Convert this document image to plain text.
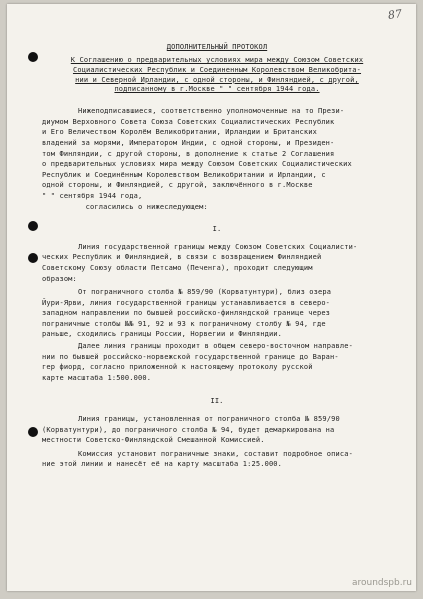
87

ДОПОЛНИТЕЛЬНЫЙ ПРОТОКОЛ

К Соглашению о предварительных условиях мира между Союзом Советских
Социалистических Республик и Соединенным Королевством Великобрита-
нии и Северной Ирландии, с одной стороны, и Финляндией, с другой,
подписанному в г.Москве " " сентября 1944 года.

Нижеподписавшиеся, соответственно уполномоченные на то Прези-
диумом Верховного Совета Союза Советских Социалистических Республик
и Его Величеством Королём Великобритании, Ирландии и Британских
владений за морями, Императором Индии, с одной стороны, и Президен-
том Финляндии, с другой стороны, в дополнение к статье 2 Соглашения
о предварительных условиях мира между Союзом Советских Социалистических
Республик и Соединённым Королевством Великобритании и Ирландии, с
одной стороны, и Финляндией, с другой, заключённого в г.Москве
" " сентября 1944 года,
согласились о нижеследующем:

I.

Линия государственной границы между Союзом Советских Социалисти-
ческих Республик и Финляндией, в связи с возвращением Финляндией
Советскому Союзу области Петсамо (Печенга), проходит следующим
образом:

От пограничного столба № 859/90 (Корватунтури), близ озера
Йури-Ярви, линия государственной границы устанавливается в северо-
западном направлении по бывшей российско-финляндской границе через
пограничные столбы №№ 91, 92 и 93 к пограничному столбу № 94, где
раньше, сходились границы России, Норвегии и Финляндии.

Далее линия границы проходит в общем северо-восточном направле-
нии по бывшей российско-норвежской государственной границе до Варан-
гер фиорд, согласно приложенной к настоящему протоколу русской
карте масштаба 1:500.000.

II.

Линия границы, установленная от пограничного столба № 859/90
(Корватунтури), до пограничного столба № 94, будет демаркирована на
местности Советско-Финляндской Смешанной Комиссией.

Комиссия установит пограничные знаки, составит подробное описа-
ние этой линии и нанесёт её на карту масштаба 1:25.000.

aroundspb.ru
